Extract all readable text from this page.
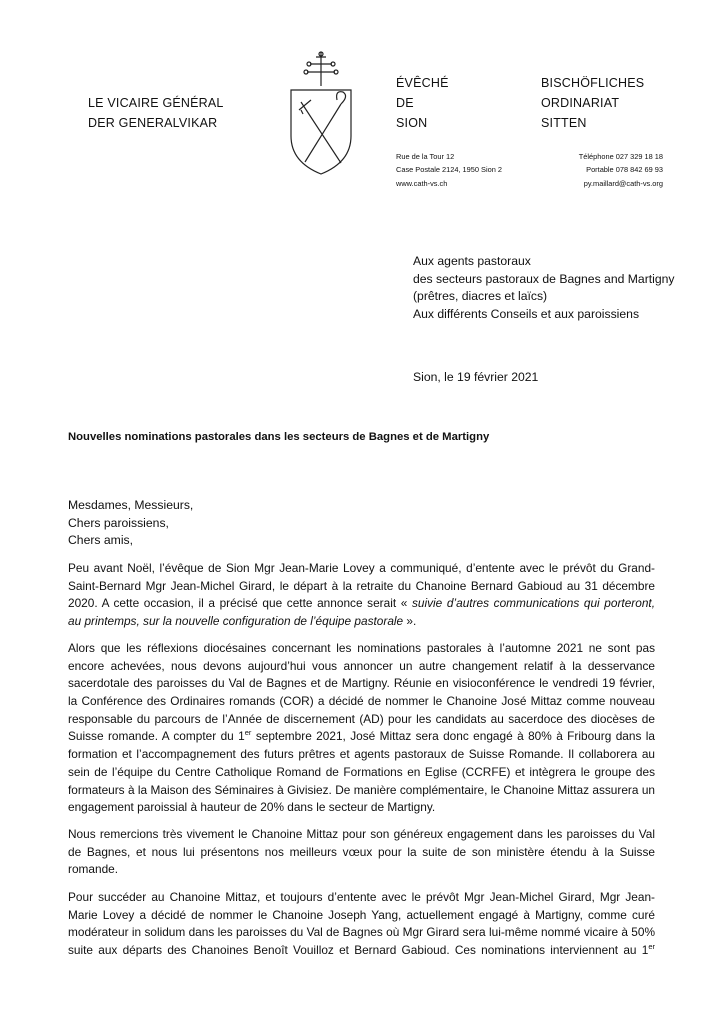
LE VICAIRE GÉNÉRAL
DER GENERALVIKAR
ÉVÊCHÉ
DE
SION
BISCHÖFLICHES
ORDINARIAT
SITTEN
Rue de la Tour 12
Case Postale 2124, 1950 Sion 2
www.cath-vs.ch
Téléphone 027 329 18 18
Portable 078 842 69 93
py.maillard@cath-vs.org
Aux agents pastoraux
des secteurs pastoraux de Bagnes and Martigny
(prêtres, diacres et laïcs)
Aux différents Conseils et aux paroissiens
Sion, le 19 février 2021
Nouvelles nominations pastorales dans les secteurs de Bagnes et de Martigny
Mesdames, Messieurs,
Chers paroissiens,
Chers amis,
Peu avant Noël, l’évêque de Sion Mgr Jean-Marie Lovey a communiqué, d’entente avec le prévôt du Grand-
Saint-Bernard Mgr Jean-Michel Girard, le départ à la retraite du Chanoine Bernard Gabioud au 31 décembre
2020. A cette occasion, il a précisé que cette annonce serait « suivie d’autres communications qui porteront,
au printemps, sur la nouvelle configuration de l’équipe pastorale ».
Alors que les réflexions diocésaines concernant les nominations pastorales à l’automne 2021 ne sont pas
encore achevées, nous devons aujourd’hui vous annoncer un autre changement relatif à la desservance
sacerdotale des paroisses du Val de Bagnes et de Martigny. Réunie en visioconférence le vendredi 19 février,
la Conférence des Ordinaires romands (COR) a décidé de nommer le Chanoine José Mittaz comme nouveau
responsable du parcours de l’Année de discernement (AD) pour les candidats au sacerdoce des diocèses de
Suisse romande. A compter du 1er septembre 2021, José Mittaz sera donc engagé à 80% à Fribourg dans la
formation et l’accompagnement des futurs prêtres et agents pastoraux de Suisse Romande. Il collaborera au
sein de l’équipe du Centre Catholique Romand de Formations en Eglise (CCRFE) et intègrera le groupe des
formateurs à la Maison des Séminaires à Givisiez. De manière complémentaire, le Chanoine Mittaz assurera un
engagement paroissial à hauteur de 20% dans le secteur de Martigny.
Nous remercions très vivement le Chanoine Mittaz pour son généreux engagement dans les paroisses du Val
de Bagnes, et nous lui présentons nos meilleurs vœux pour la suite de son ministère étendu à la Suisse
romande.
Pour succéder au Chanoine Mittaz, et toujours d’entente avec le prévôt Mgr Jean-Michel Girard, Mgr Jean-
Marie Lovey a décidé de nommer le Chanoine Joseph Yang, actuellement engagé à Martigny, comme curé
modérateur in solidum dans les paroisses du Val de Bagnes où Mgr Girard sera lui-même nommé vicaire à 50%
suite aux départs des Chanoines Benoît Vouilloz et Bernard Gabioud. Ces nominations interviennent au 1er
